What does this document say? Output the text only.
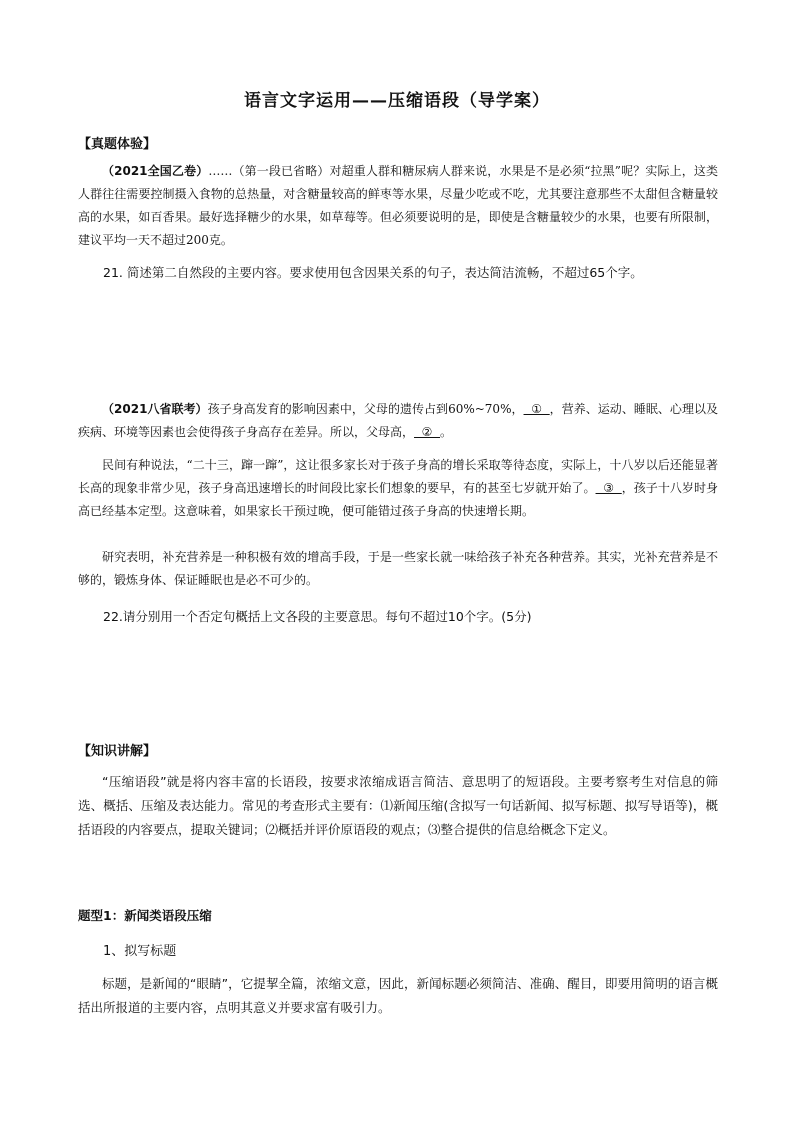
语言文字运用——压缩语段（导学案）
【真题体验】
（2021全国乙卷）……（第一段已省略）对超重人群和糖尿病人群来说，水果是不是必须“拉黑”呢？实际上，这类人群往往需要控制摄入食物的总热量，对含糖量较高的鲜枣等水果，尽量少吃或不吃，尤其要注意那些不太甜但含糖量较高的水果，如百香果。最好选择糖少的水果，如草莓等。但必须要说明的是，即使是含糖量较少的水果，也要有所限制，建议平均一天不超过200克。
21. 简述第二自然段的主要内容。要求使用包含因果关系的句子，表达简洁流畅，不超过65个字。
（2021八省联考）孩子身高发育的影响因素中，父母的遗传占到60%~70%，  ①  ，营养、运动、睡眠、心理以及疾病、环境等因素也会使得孩子身高存在差异。所以，父母高，  ②  。
民间有种说法，“二十三，蹿一蹿”，这让很多家长对于孩子身高的增长采取等待态度，实际上，十八岁以后还能显著长高的现象非常少见，孩子身高迅速增长的时间段比家长们想象的要早，有的甚至七岁就开始了。  ③  ，孩子十八岁时身高已经基本定型。这意味着，如果家长干预过晚，便可能错过孩子身高的快速增长期。
研究表明，补充营养是一种积极有效的增高手段，于是一些家长就一味给孩子补充各种营养。其实，光补充营养是不够的，锻炼身体、保证睡眠也是必不可少的。
22.请分别用一个否定句概括上文各段的主要意思。每句不超过10个字。(5分)
【知识讲解】
“压缩语段”就是将内容丰富的长语段，按要求浓缩成语言简洁、意思明了的短语段。主要考察考生对信息的筛选、概括、压缩及表达能力。常见的考查形式主要有：⑴新闻压缩(含拟写一句话新闻、拟写标题、拟写导语等)，概括语段的内容要点，提取关键词；⑵概括并评价原语段的观点；⑶整合提供的信息给概念下定义。
题型1：新闻类语段压缩
1、拟写标题
标题，是新闻的“眼睛”，它提挈全篇，浓缩文意，因此，新闻标题必须简洁、准确、醒目，即要用简明的语言概括出所报道的主要内容，点明其意义并要求富有吸引力。
